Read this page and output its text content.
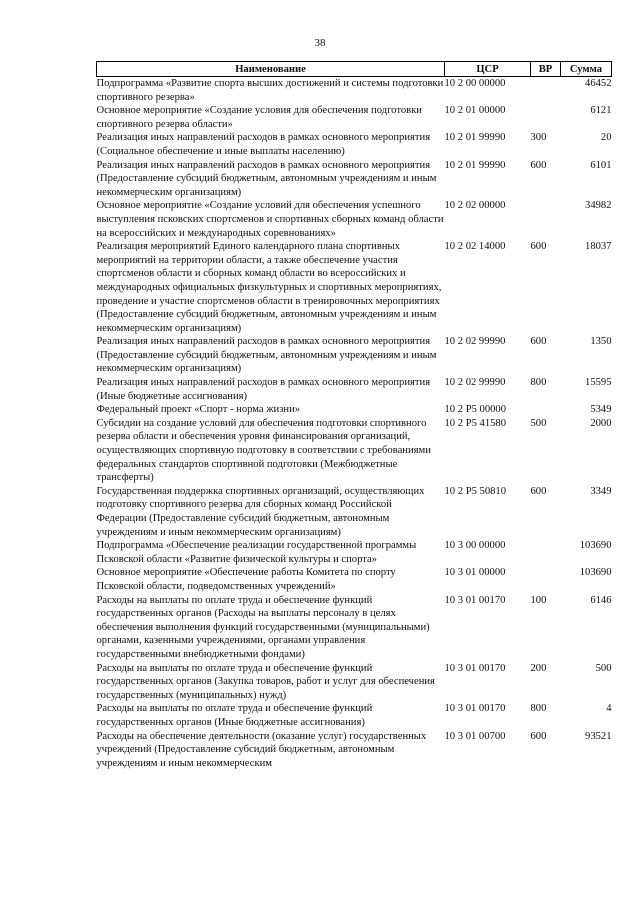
38
Наименование	ЦСР	ВР	Сумма
Подпрограмма «Развитие спорта высших достижений и системы подготовки спортивного резерва»	10 2 00 00000		46452
Основное мероприятие «Создание условия для обеспечения подготовки спортивного резерва области»	10 2 01 00000		6121
Реализация иных направлений расходов в рамках основного мероприятия (Социальное обеспечение и иные выплаты населению)	10 2 01 99990	300	20
Реализация иных направлений расходов в рамках основного мероприятия (Предоставление субсидий бюджетным, автономным учреждениям и иным некоммерческим организациям)	10 2 01 99990	600	6101
Основное мероприятие «Создание условий для обеспечения успешного выступления псковских спортсменов и спортивных сборных команд области на всероссийских и международных соревнованиях»	10 2 02 00000		34982
Реализация мероприятий Единого календарного плана спортивных мероприятий на территории области, а также обеспечение участия спортсменов области и сборных команд области во всероссийских и международных официальных физкультурных и спортивных мероприятиях, проведение и участие спортсменов области в тренировочных мероприятиях (Предоставление субсидий бюджетным, автономным учреждениям и иным некоммерческим организациям)	10 2 02 14000	600	18037
Реализация иных направлений расходов в рамках основного мероприятия (Предоставление субсидий бюджетным, автономным учреждениям и иным некоммерческим организациям)	10 2 02 99990	600	1350
Реализация иных направлений расходов в рамках основного мероприятия (Иные бюджетные ассигнования)	10 2 02 99990	800	15595
Федеральный проект «Спорт - норма жизни»	10 2 P5 00000		5349
Субсидии на создание условий для обеспечения подготовки спортивного резерва области и обеспечения уровня финансирования организаций, осуществляющих спортивную подготовку в соответствии с требованиями федеральных стандартов спортивной подготовки (Межбюджетные трансферты)	10 2 P5 41580	500	2000
Государственная поддержка спортивных организаций, осуществляющих подготовку спортивного резерва для сборных команд Российской Федерации (Предоставление субсидий бюджетным, автономным учреждениям и иным некоммерческим организациям)	10 2 P5 50810	600	3349
Подпрограмма «Обеспечение реализации государственной программы Псковской области «Развитие физической культуры и спорта»	10 3 00 00000		103690
Основное мероприятие «Обеспечение работы Комитета по спорту Псковской области, подведомственных учреждений»	10 3 01 00000		103690
Расходы на выплаты по оплате труда и обеспечение функций государственных органов (Расходы на выплаты персоналу в целях обеспечения выполнения функций государственными (муниципальными) органами, казенными учреждениями, органами управления государственными внебюджетными фондами)	10 3 01 00170	100	6146
Расходы на выплаты по оплате труда и обеспечение функций государственных органов (Закупка товаров, работ и услуг для обеспечения государственных (муниципальных) нужд)	10 3 01 00170	200	500
Расходы на выплаты по оплате труда и обеспечение функций государственных органов (Иные бюджетные ассигнования)	10 3 01 00170	800	4
Расходы на обеспечение деятельности (оказание услуг) государственных учреждений (Предоставление субсидий бюджетным, автономным учреждениям и иным некоммерческим	10 3 01 00700	600	93521
